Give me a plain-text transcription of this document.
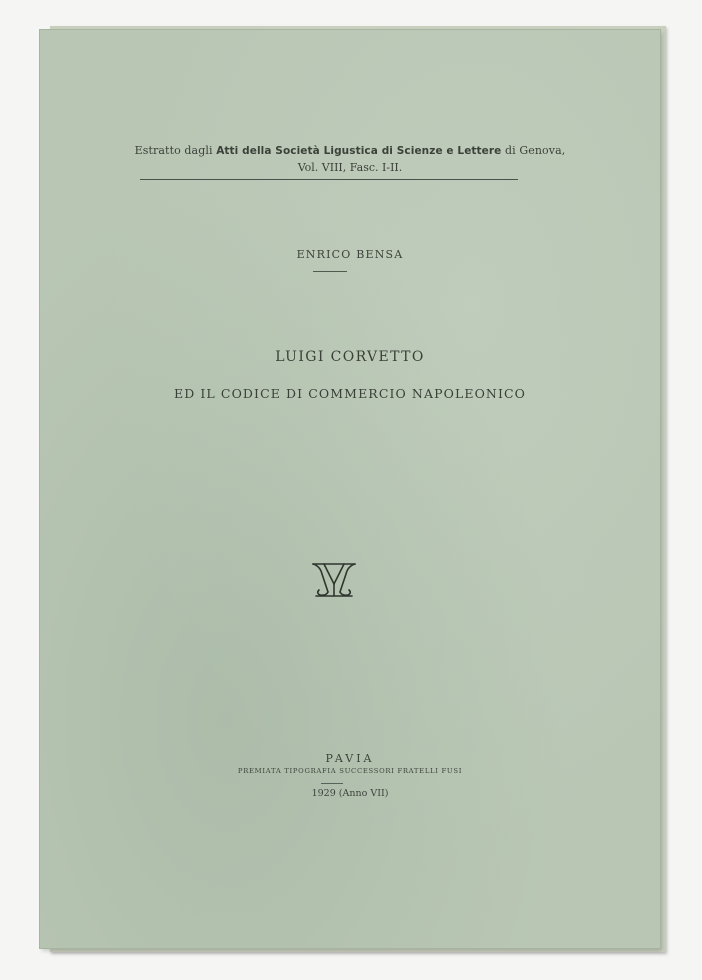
Estratto dagli Atti della Società Ligustica di Scienze e Lettere di Genova,
Vol. VIII, Fasc. I-II.
ENRICO BENSA
LUIGI CORVETTO
ED IL CODICE DI COMMERCIO NAPOLEONICO
PAVIA
PREMIATA TIPOGRAFIA SUCCESSORI FRATELLI FUSI
1929 (Anno VII)
